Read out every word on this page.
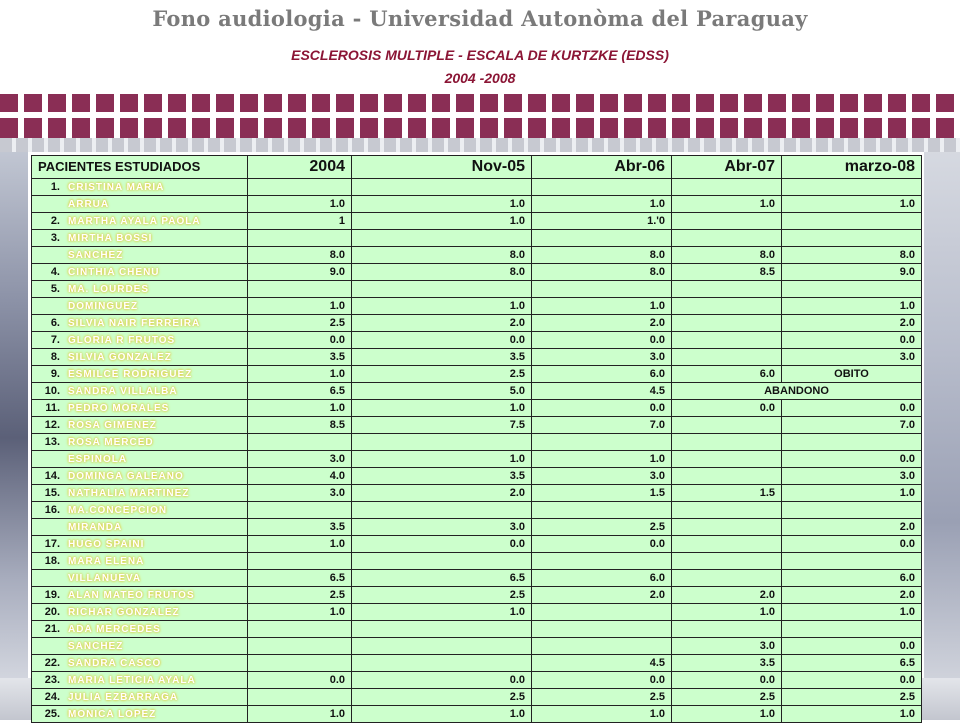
Fono audiologia - Universidad Autonòma del Paraguay
ESCLEROSIS MULTIPLE - ESCALA DE KURTZKE (EDSS)
2004 -2008
PACIENTES ESTUDIADOS	2004	Nov-05	Abr-06	Abr-07	marzo-08
1. CRISTINA MARIA					
ARRUA	1.0	1.0	1.0	1.0	1.0
2. MARTHA AYALA PAOLA	1	1.0	1.'0		
3. MIRTHA BOSSI					
SANCHEZ	8.0	8.0	8.0	8.0	8.0
4. CINTHIA CHENU	9.0	8.0	8.0	8.5	9.0
5. MA. LOURDES					
DOMINGUEZ	1.0	1.0	1.0		1.0
6. SILVIA NAIR FERREIRA	2.5	2.0	2.0		2.0
7. GLORIA R FRUTOS	0.0	0.0	0.0		0.0
8. SILVIA GONZALEZ	3.5	3.5	3.0		3.0
9. ESMILCE RODRIGUEZ	1.0	2.5	6.0	6.0	OBITO
10. SANDRA VILLALBA	6.5	5.0	4.5	ABANDONO	
11. PEDRO MORALES	1.0	1.0	0.0	0.0	0.0
12. ROSA GIMENEZ	8.5	7.5	7.0		7.0
13. ROSA MERCED					
ESPINOLA	3.0	1.0	1.0		0.0
14. DOMINGA GALEANO	4.0	3.5	3.0		3.0
15. NATHALIA MARTINEZ	3.0	2.0	1.5	1.5	1.0
16. MA.CONCEPCION					
MIRANDA	3.5	3.0	2.5		2.0
17. HUGO SPAINI	1.0	0.0	0.0		0.0
18. MARA ELENA					
VILLANUEVA	6.5	6.5	6.0		6.0
19. ALAN MATEO FRUTOS	2.5	2.5	2.0	2.0	2.0
20. RICHAR GONZALEZ	1.0	1.0		1.0	1.0
21. ADA MERCEDES					
SANCHEZ				3.0	0.0
22. SANDRA CASCO			4.5	3.5	6.5
23. MARIA LETICIA AYALA	0.0	0.0	0.0	0.0	0.0
24. JULIA EZBARRAGA		2.5	2.5	2.5	2.5
25. MONICA LOPEZ	1.0	1.0	1.0	1.0	1.0
